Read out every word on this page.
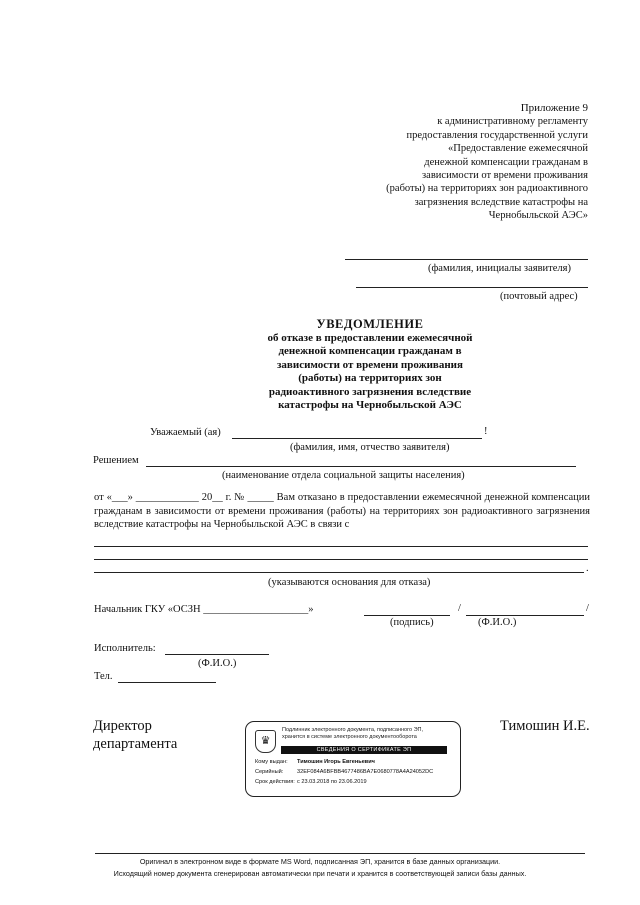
Приложение 9
к административному регламенту
предоставления государственной услуги
«Предоставление ежемесячной
денежной компенсации гражданам в
зависимости от времени проживания
(работы) на территориях зон радиоактивного
загрязнения вследствие катастрофы на
Чернобыльской АЭС»
(фамилия, инициалы заявителя)
(почтовый адрес)
УВЕДОМЛЕНИЕ
об отказе в предоставлении ежемесячной
денежной компенсации гражданам в
зависимости от времени проживания
(работы) на территориях зон
радиоактивного загрязнения вследствие
катастрофы на Чернобыльской АЭС
Уважаемый (ая)	!
(фамилия, имя, отчество заявителя)
Решением
(наименование отдела социальной защиты населения)
от «___» ____________ 20__ г. № _____ Вам отказано в предоставлении ежемесячной денежной компенсации гражданам в зависимости от времени проживания (работы) на территориях зон радиоактивного загрязнения вследствие катастрофы на Чернобыльской АЭС в связи с
.
(указываются основания для отказа)
Начальник ГКУ «ОСЗН ____________________»	/	/
(подпись)	(Ф.И.О.)
Исполнитель:
(Ф.И.О.)
Тел.
Директор
департамента
Тимошин И.Е.
♛
Подлинник электронного документа, подписанного ЭП,
хранится в системе электронного документооборота
СВЕДЕНИЯ О СЕРТИФИКАТЕ ЭП
Кому выдан: Тимошин Игорь Евгеньевич
Серийный: 32EF084A6BFBB4677486BA7E0680778A4A24052DC
Срок действия: с 23.03.2018 по 23.06.2019
Оригинал в электронном виде в формате MS Word, подписанная ЭП, хранится в базе данных организации.
Исходящий номер документа сгенерирован автоматически при печати и хранится в соответствующей записи базы данных.
